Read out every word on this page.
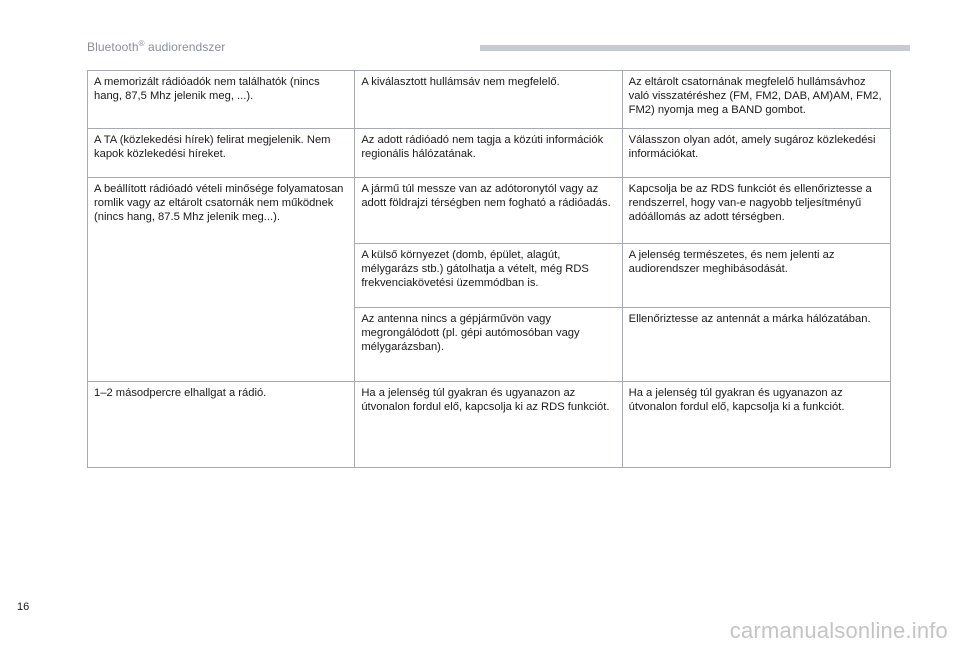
Bluetooth® audiorendszer
A memorizált rádióadók nem találhatók (nincs hang, 87,5 Mhz jelenik meg, ...).	A kiválasztott hullámsáv nem megfelelő.	Az eltárolt csatornának megfelelő hullámsávhoz való visszatéréshez (FM, FM2, DAB, AM)AM, FM2, FM2) nyomja meg a BAND gombot.
A TA (közlekedési hírek) felirat megjelenik. Nem kapok közlekedési híreket.	Az adott rádióadó nem tagja a közúti információk regionális hálózatának.	Válasszon olyan adót, amely sugároz közlekedési információkat.
A beállított rádióadó vételi minősége folyamatosan romlik vagy az eltárolt csatornák nem működnek (nincs hang, 87.5 Mhz jelenik meg...).	A jármű túl messze van az adótoronytól vagy az adott földrajzi térségben nem fogható a rádióadás.	Kapcsolja be az RDS funkciót és ellenőriztesse a rendszerrel, hogy van-e nagyobb teljesítményű adóállomás az adott térségben.
	A külső környezet (domb, épület, alagút, mélygarázs stb.) gátolhatja a vételt, még RDS frekvenciakövetési üzemmódban is.	A jelenség természetes, és nem jelenti az audiorendszer meghibásodását.
	Az antenna nincs a gépjárművön vagy megrongálódott (pl. gépi autómosóban vagy mélygarázsban).	Ellenőriztesse az antennát a márka hálózatában.
1–2 másodpercre elhallgat a rádió.	Ha a jelenség túl gyakran és ugyanazon az útvonalon fordul elő, kapcsolja ki az RDS funkciót.	Ha a jelenség túl gyakran és ugyanazon az útvonalon fordul elő, kapcsolja ki a funkciót.
16
carmanualsonline.info
